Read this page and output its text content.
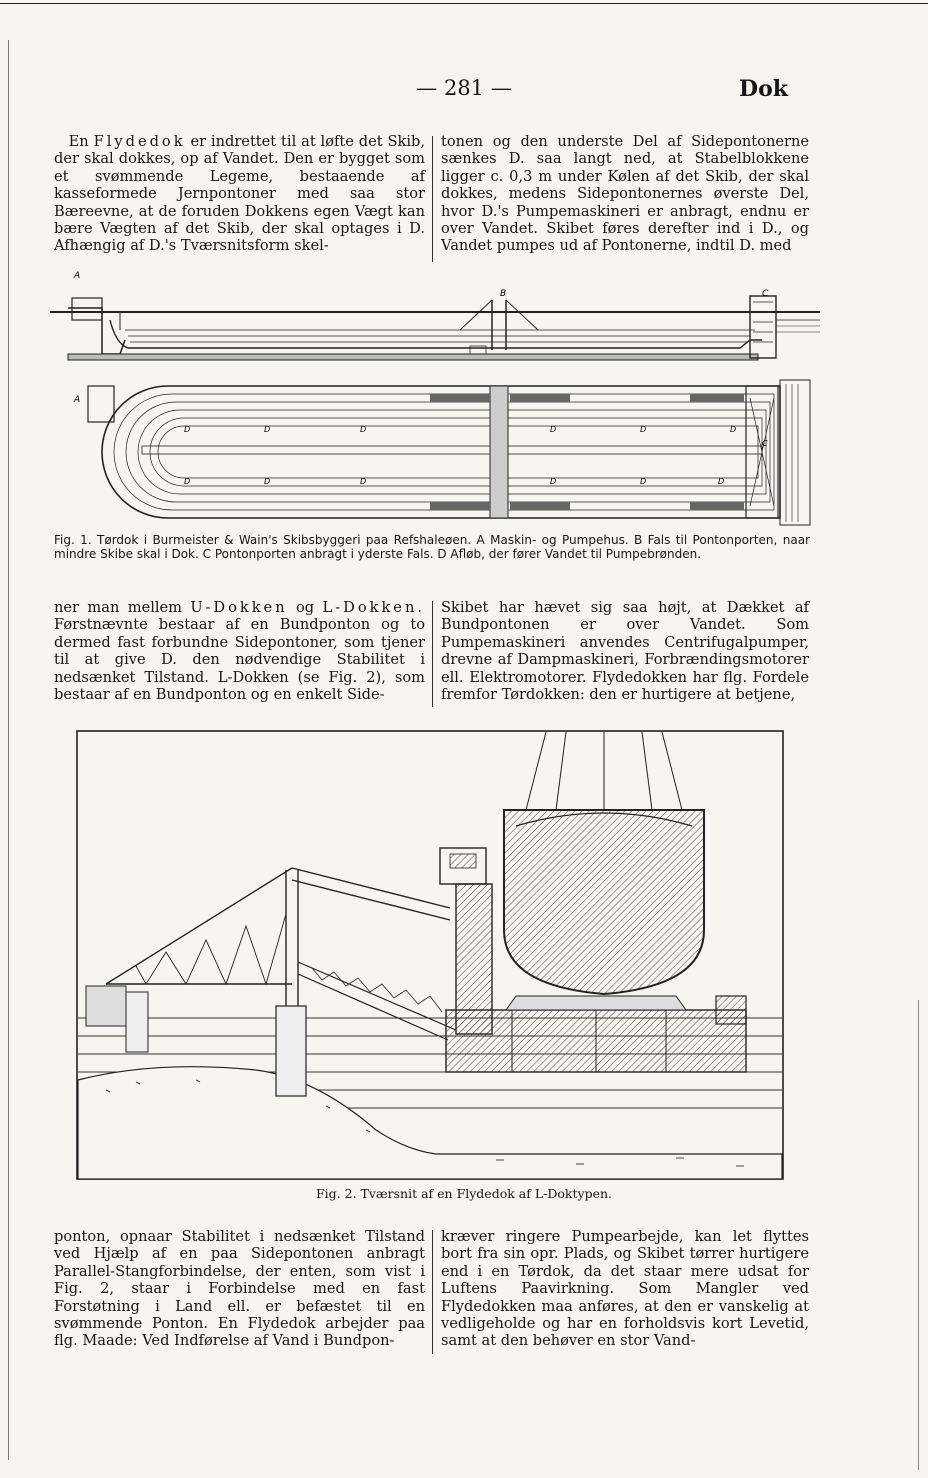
— 281 —	Dok

En Flydedok er indrettet til at løfte det Skib, der skal dokkes, op af Vandet. Den er bygget som et svømmende Legeme, bestaaende af kasseformede Jernpontoner med saa stor Bæreevne, at de foruden Dokkens egen Vægt kan bære Vægten af det Skib, der skal optages i D. Afhængig af D.'s Tværsnitsform skel-

tonen og den underste Del af Sidepontonerne sænkes D. saa langt ned, at Stabelblokkene ligger c. 0,3 m under Kølen af det Skib, der skal dokkes, medens Sidepontonernes øverste Del, hvor D.'s Pumpemaskineri er anbragt, endnu er over Vandet. Skibet føres derefter ind i D., og Vandet pumpes ud af Pontonerne, indtil D. med

A
B	C
A
D	D	D	D	D	D
D	D	D	D	D	D
C
Fig. 1. Tørdok i Burmeister & Wain's Skibsbyggeri paa Refshaleøen. A Maskin- og Pumpehus. B Fals til Pontonporten, naar mindre Skibe skal i Dok. C Pontonporten anbragt i yderste Fals. D Afløb, der fører Vandet til Pumpebrønden.

ner man mellem U-Dokken og L-Dokken. Førstnævnte bestaar af en Bundponton og to dermed fast forbundne Sidepontoner, som tjener til at give D. den nødvendige Stabilitet i nedsænket Tilstand. L-Dokken (se Fig. 2), som bestaar af en Bundponton og en enkelt Side-

Skibet har hævet sig saa højt, at Dækket af Bundpontonen er over Vandet. Som Pumpemaskineri anvendes Centrifugalpumper, drevne af Dampmaskineri, Forbrændingsmotorer ell. Elektromotorer. Flydedokken har flg. Fordele fremfor Tørdokken: den er hurtigere at betjene,

Fig. 2. Tværsnit af en Flydedok af L-Doktypen.

ponton, opnaar Stabilitet i nedsænket Tilstand ved Hjælp af en paa Sidepontonen anbragt Parallel-Stangforbindelse, der enten, som vist i Fig. 2, staar i Forbindelse med en fast Forstøtning i Land ell. er befæstet til en svømmende Ponton. En Flydedok arbejder paa flg. Maade: Ved Indførelse af Vand i Bundpon-

kræver ringere Pumpearbejde, kan let flyttes bort fra sin opr. Plads, og Skibet tørrer hurtigere end i en Tørdok, da det staar mere udsat for Luftens Paavirkning. Som Mangler ved Flydedokken maa anføres, at den er vanskelig at vedligeholde og har en forholdsvis kort Levetid, samt at den behøver en stor Vand-
